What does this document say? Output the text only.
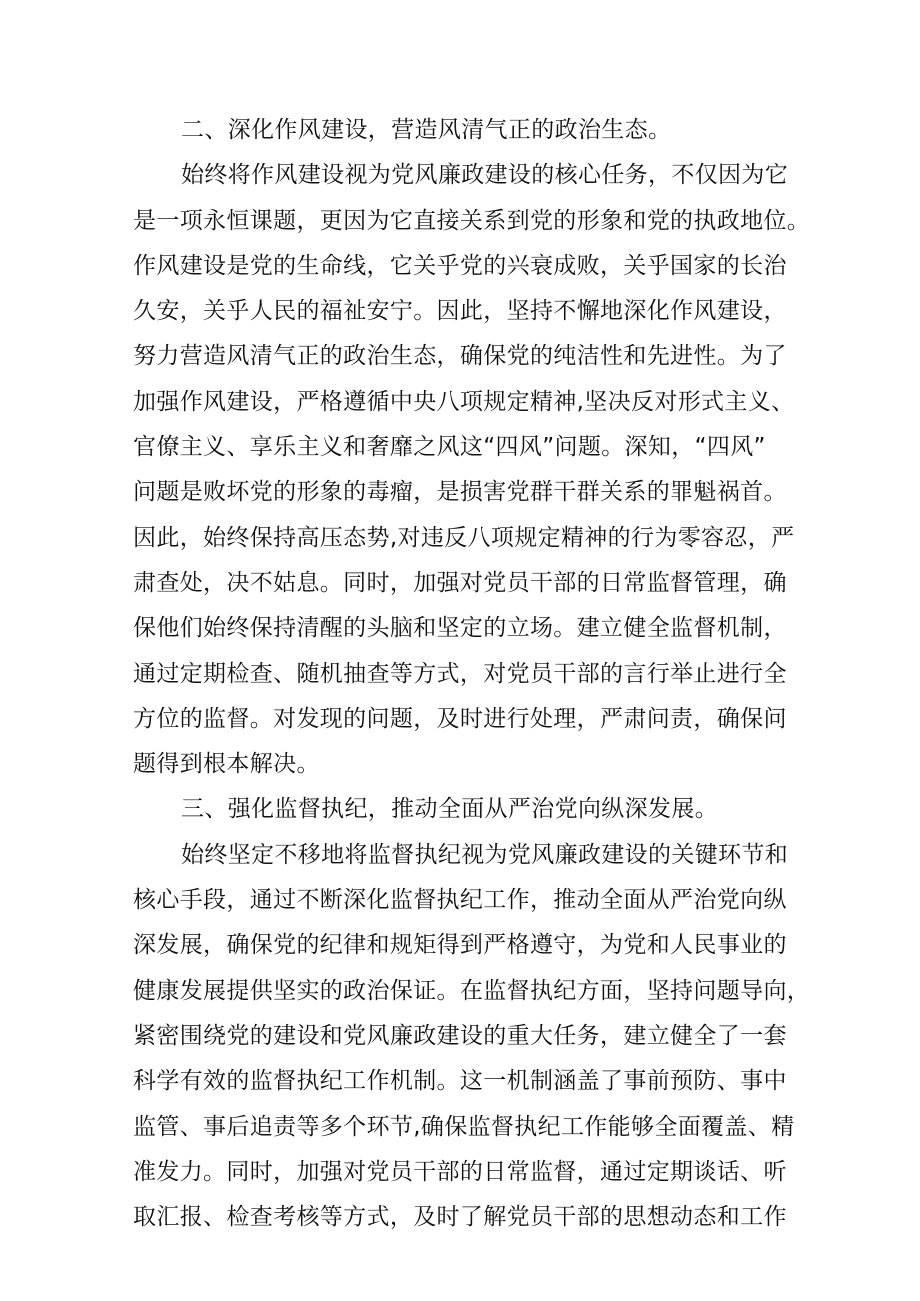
二、深化作风建设，营造风清气正的政治生态。
始终将作风建设视为党风廉政建设的核心任务，不仅因为它
是一项永恒课题，更因为它直接关系到党的形象和党的执政地位。
作风建设是党的生命线，它关乎党的兴衰成败，关乎国家的长治
久安，关乎人民的福祉安宁。因此，坚持不懈地深化作风建设，
努力营造风清气正的政治生态，确保党的纯洁性和先进性。为了
加强作风建设，严格遵循中央八项规定精神,坚决反对形式主义、
官僚主义、享乐主义和奢靡之风这“四风”问题。深知，“四风”
问题是败坏党的形象的毒瘤，是损害党群干群关系的罪魁祸首。
因此，始终保持高压态势,对违反八项规定精神的行为零容忍，严
肃查处，决不姑息。同时，加强对党员干部的日常监督管理，确
保他们始终保持清醒的头脑和坚定的立场。建立健全监督机制，
通过定期检查、随机抽查等方式，对党员干部的言行举止进行全
方位的监督。对发现的问题，及时进行处理，严肃问责，确保问
题得到根本解决。
三、强化监督执纪，推动全面从严治党向纵深发展。
始终坚定不移地将监督执纪视为党风廉政建设的关键环节和
核心手段，通过不断深化监督执纪工作，推动全面从严治党向纵
深发展，确保党的纪律和规矩得到严格遵守，为党和人民事业的
健康发展提供坚实的政治保证。在监督执纪方面，坚持问题导向，
紧密围绕党的建设和党风廉政建设的重大任务，建立健全了一套
科学有效的监督执纪工作机制。这一机制涵盖了事前预防、事中
监管、事后追责等多个环节,确保监督执纪工作能够全面覆盖、精
准发力。同时，加强对党员干部的日常监督，通过定期谈话、听
取汇报、检查考核等方式，及时了解党员干部的思想动态和工作
